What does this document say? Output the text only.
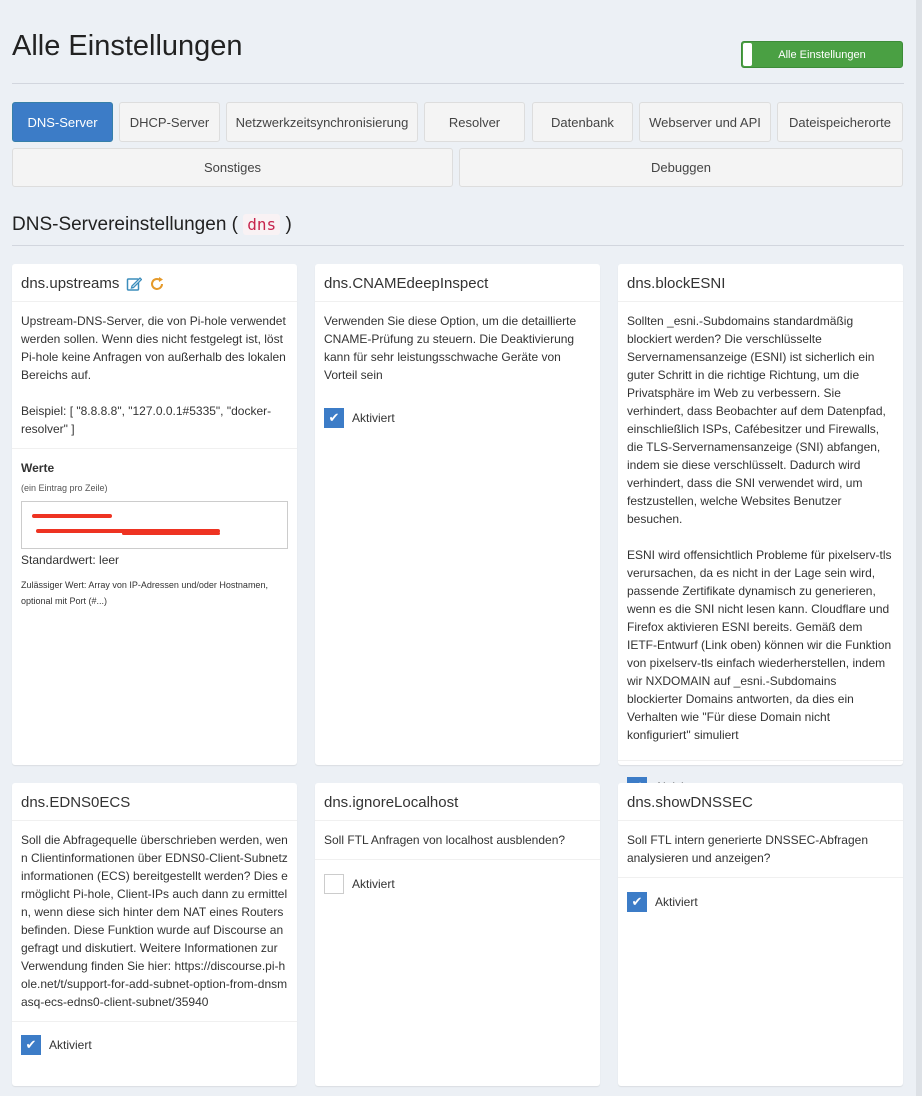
Alle Einstellungen	Alle Einstellungen
DNS-Server	DHCP-Server	Netzwerkzeitsynchronisierung	Resolver	Datenbank	Webserver und API	Dateispeicherorte
Sonstiges	Debuggen
DNS-Servereinstellungen ( dns )
dns.upstreams

Upstream-DNS-Server, die von Pi-hole verwendet werden sollen. Wenn dies nicht festgelegt ist, löst Pi-hole keine Anfragen von außerhalb des lokalen Bereichs auf.

Beispiel: [ "8.8.8.8", "127.0.0.1#5335", "docker-resolver" ]

Werte
(ein Eintrag pro Zeile)
Standardwert: leer
Zulässiger Wert: Array von IP-Adressen und/oder Hostnamen, optional mit Port (#...)
dns.CNAMEdeepInspect

Verwenden Sie diese Option, um die detaillierte CNAME-Prüfung zu steuern. Die Deaktivierung kann für sehr leistungsschwache Geräte von Vorteil sein

✔	Aktiviert
dns.blockESNI

Sollten _esni.-Subdomains standardmäßig blockiert werden? Die verschlüsselte Servernamensanzeige (ESNI) ist sicherlich ein guter Schritt in die richtige Richtung, um die Privatsphäre im Web zu verbessern. Sie verhindert, dass Beobachter auf dem Datenpfad, einschließlich ISPs, Cafébesitzer und Firewalls, die TLS-Servernamensanzeige (SNI) abfangen, indem sie diese verschlüsselt. Dadurch wird verhindert, dass die SNI verwendet wird, um festzustellen, welche Websites Benutzer besuchen.

ESNI wird offensichtlich Probleme für pixelserv-tls verursachen, da es nicht in der Lage sein wird, passende Zertifikate dynamisch zu generieren, wenn es die SNI nicht lesen kann. Cloudflare und Firefox aktivieren ESNI bereits. Gemäß dem IETF-Entwurf (Link oben) können wir die Funktion von pixelserv-tls einfach wiederherstellen, indem wir NXDOMAIN auf _esni.-Subdomains blockierter Domains antworten, da dies ein Verhalten wie "Für diese Domain nicht konfiguriert" simuliert

dns.EDNS0ECS

Soll die Abfragequelle überschrieben werden, wenn Clientinformationen über EDNS0-Client-Subnetzinformationen (ECS) bereitgestellt werden? Dies ermöglicht Pi-hole, Client-IPs auch dann zu ermitteln, wenn diese sich hinter dem NAT eines Routers befinden. Diese Funktion wurde auf Discourse angefragt und diskutiert. Weitere Informationen zur Verwendung finden Sie hier: https://discourse.pi-hole.net/t/support-for-add-subnet-option-from-dnsmasq-ecs-edns0-client-subnet/35940

✔	Aktiviert
dns.ignoreLocalhost

Soll FTL Anfragen von localhost ausblenden?

Aktiviert
dns.showDNSSEC

Soll FTL intern generierte DNSSEC-Abfragen analysieren und anzeigen?

✔	Aktiviert
